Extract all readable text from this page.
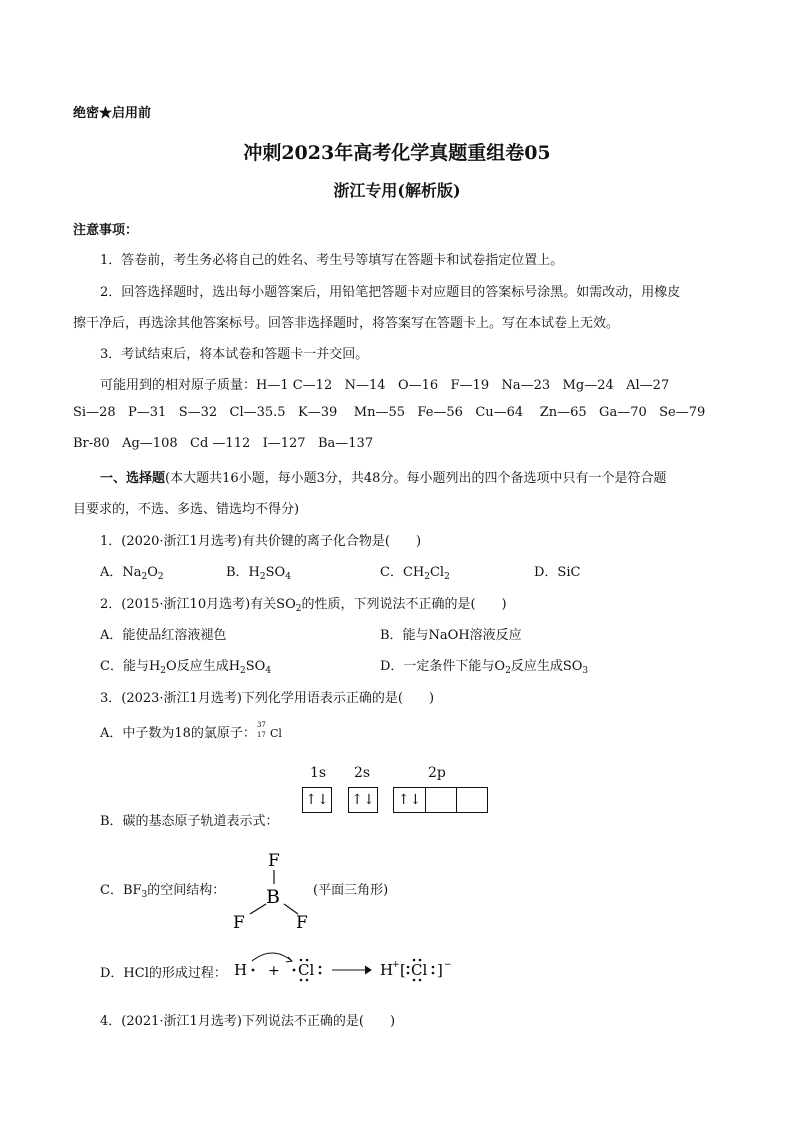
绝密★启用前
冲刺2023年高考化学真题重组卷05
浙江专用(解析版)
注意事项：
1．答卷前，考生务必将自己的姓名、考生号等填写在答题卡和试卷指定位置上。
2．回答选择题时，选出每小题答案后，用铅笔把答题卡对应题目的答案标号涂黑。如需改动，用橡皮
擦干净后，再选涂其他答案标号。回答非选择题时，将答案写在答题卡上。写在本试卷上无效。
3．考试结束后，将本试卷和答题卡一并交回。
可能用到的相对原子质量：H—1 C—12   N—14   O—16   F—19   Na—23   Mg—24   Al—27
Si—28   P—31   S—32   Cl—35.5   K—39    Mn—55   Fe—56   Cu—64    Zn—65   Ga—70   Se—79
Br-80   Ag—108   Cd —112   I—127   Ba—137
一、选择题(本大题共16小题，每小题3分，共48分。每小题列出的四个备选项中只有一个是符合题
目要求的，不选、多选、错选均不得分)
1．(2020·浙江1月选考)有共价键的离子化合物是(　　)
A．$Na_2O_2$	B．$H_2SO_4$	C．$CH_2Cl_2$	D．SiC
2．(2015·浙江10月选考)有关$SO_2$的性质，下列说法不正确的是(　　)
A．能使品红溶液褪色	B．能与NaOH溶液反应
C．能与$H_2O$反应生成$H_2SO_4$	D．一定条件下能与$O_2$反应生成$SO_3$
3．(2023·浙江1月选考)下列化学用语表示正确的是(　　)
A．中子数为18的氯原子：
37
17 Cl
1s 2s	2p
↑↓ ↑↓ ↑↓
B．碳的基态原子轨道表示式：
C．$BF_3$的空间结构：
F
B
F	F
(平面三角形)
D．HCl的形成过程： H + Cl	H
+ [ Cl ] −
4．(2021·浙江1月选考)下列说法不正确的是(　　)
